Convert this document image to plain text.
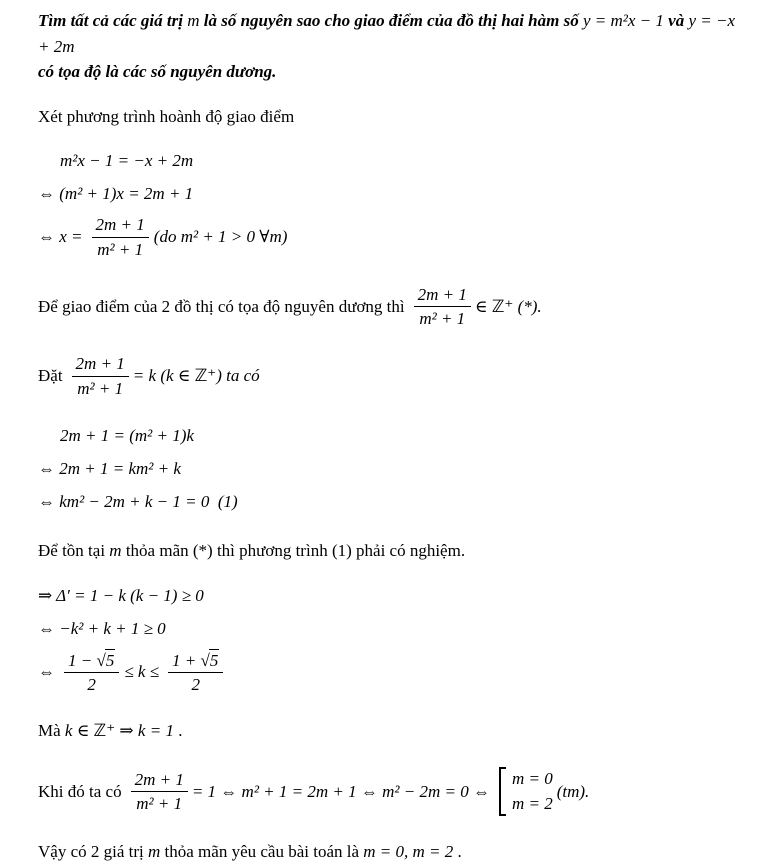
Tìm tất cả các giá trị m là số nguyên sao cho giao điểm của đồ thị hai hàm số y = m²x − 1 và y = −x + 2m
có tọa độ là các số nguyên dương.

Xét phương trình hoành độ giao điểm

m²x − 1 = −x + 2m
⇔ (m² + 1)x = 2m + 1
⇔ $x = \frac{2m + 1}{\text{m² + 1}} (do$ m² + 1 > 0 ∀m)
Để giao điểm của 2 đồ thị có tọa độ nguyên dương thì $\frac{2m + 1}{\text{m² + 1}}$ ∈ ℤ⁺ (*).
Đặt $\frac{2m + 1}{\text{m² + 1}} = k$ (k ∈ ℤ⁺) ta có
2m + 1 = (m² + 1)k
⇔ 2m + 1 = km² + k
⇔ km² − 2m + k − 1 = 0  (1)

Để tồn tại m thỏa mãn (*) thì phương trình (1) phải có nghiệm.

⇒ Δ′ = 1 − k (k − 1) ≥ 0
⇔ −k² + k + 1 ≥ 0
⇔ $\frac{1 - √ 5}{2} \le k \le \frac{1 + √ 5}{2}$

Mà k ∈ ℤ⁺ ⇒ k = 1 .

Khi đó ta có $\frac{2m + 1}{\text{m² + 1}} = 1$ ⇔ m² + 1 = 2m + 1 ⇔ m² − 2m = 0 ⇔
m = 0
m = 2
(tm).

Vậy có 2 giá trị m thỏa mãn yêu cầu bài toán là m = 0, m = 2 .
